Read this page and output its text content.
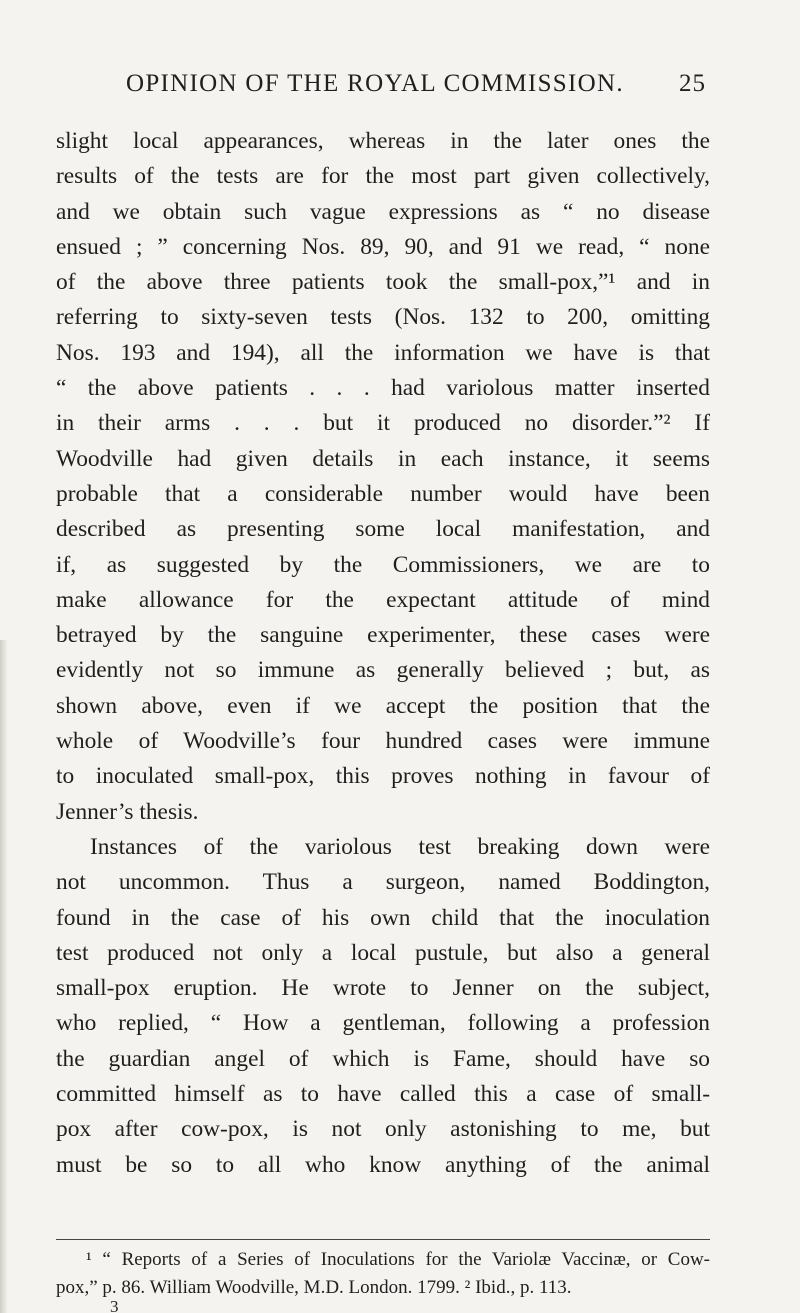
OPINION OF THE ROYAL COMMISSION. 25
slight local appearances, whereas in the later ones the
results of the tests are for the most part given collectively,
and we obtain such vague expressions as “ no disease
ensued ; ” concerning Nos. 89, 90, and 91 we read, “ none
of the above three patients took the small-pox,”¹ and in
referring to sixty-seven tests (Nos. 132 to 200, omitting
Nos. 193 and 194), all the information we have is that
“ the above patients . . . had variolous matter inserted
in their arms . . . but it produced no disorder.”² If
Woodville had given details in each instance, it seems
probable that a considerable number would have been
described as presenting some local manifestation, and
if, as suggested by the Commissioners, we are to
make allowance for the expectant attitude of mind
betrayed by the sanguine experimenter, these cases were
evidently not so immune as generally believed ; but, as
shown above, even if we accept the position that the
whole of Woodville’s four hundred cases were immune
to inoculated small-pox, this proves nothing in favour of
Jenner’s thesis.
Instances of the variolous test breaking down were
not uncommon. Thus a surgeon, named Boddington,
found in the case of his own child that the inoculation
test produced not only a local pustule, but also a general
small-pox eruption. He wrote to Jenner on the subject,
who replied, “ How a gentleman, following a profession
the guardian angel of which is Fame, should have so
committed himself as to have called this a case of small-
pox after cow-pox, is not only astonishing to me, but
must be so to all who know anything of the animal
¹ “ Reports of a Series of Inoculations for the Variolæ Vaccinæ, or Cow-
pox,” p. 86. William Woodville, M.D. London. 1799. ² Ibid., p. 113.
3
